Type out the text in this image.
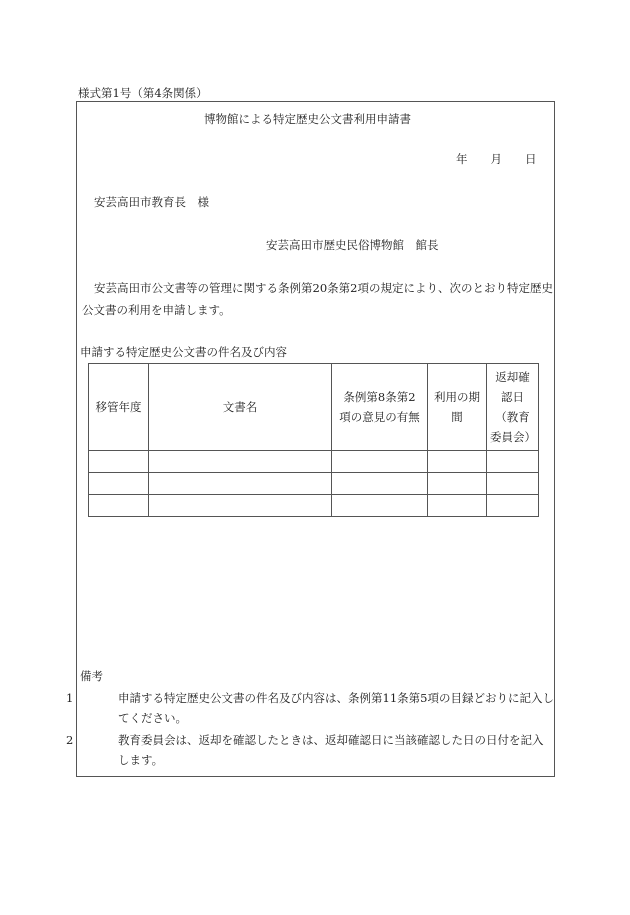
様式第1号（第4条関係）
博物館による特定歴史公文書利用申請書
年　　月　　日
安芸高田市教育長　様
安芸高田市歴史民俗博物館　館長
安芸高田市公文書等の管理に関する条例第20条第2項の規定により、次のとおり特定歴史公文書の利用を申請します。
申請する特定歴史公文書の件名及び内容
移管年度	文書名	条例第8条第2項の意見の有無	利用の期間	返却確認日（教育委員会）

備考
1	申請する特定歴史公文書の件名及び内容は、条例第11条第5項の目録どおりに記入してください。
2	教育委員会は、返却を確認したときは、返却確認日に当該確認した日の日付を記入します。
